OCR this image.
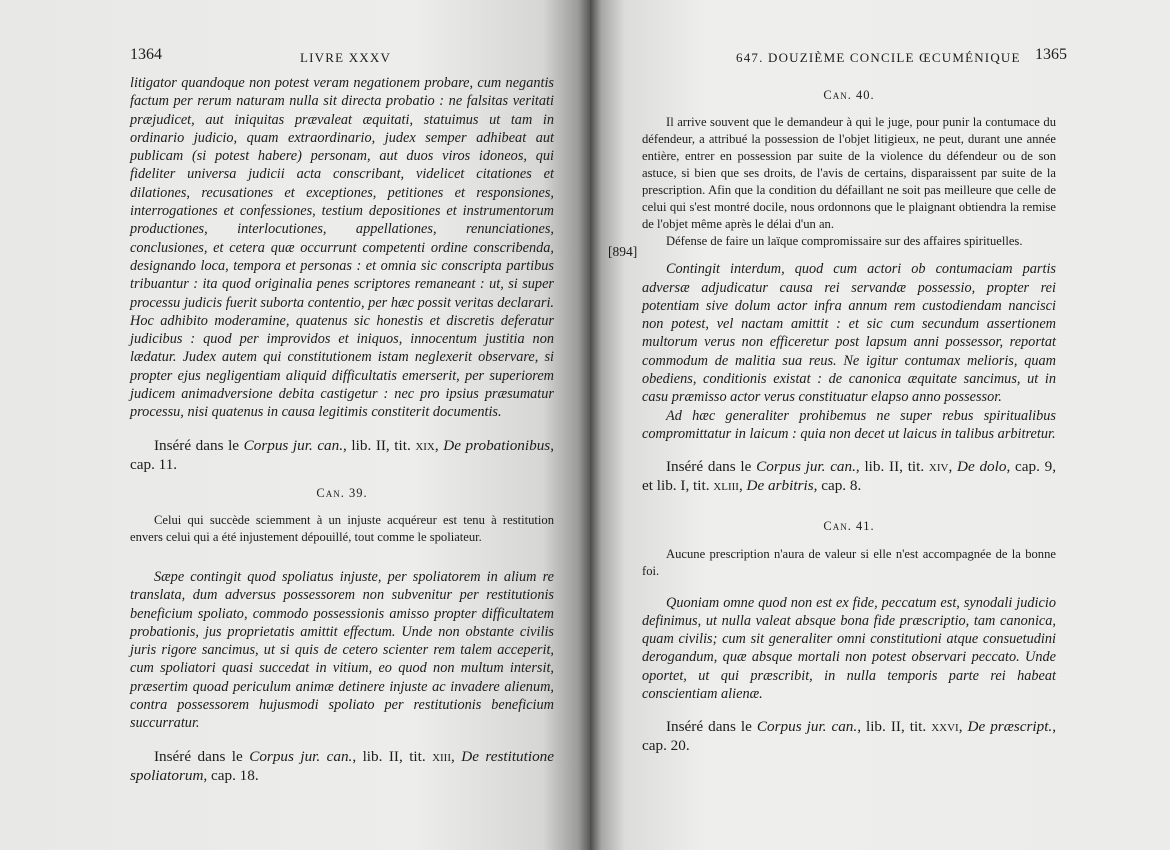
1364	LIVRE XXXV

litigator quandoque non potest veram negationem probare, cum negantis factum per rerum naturam nulla sit directa probatio : ne falsitas veritati præjudicet, aut iniquitas prævaleat æquitati, statuimus ut tam in ordinario judicio, quam extraordinario, judex semper adhibeat aut publicam (si potest habere) personam, aut duos viros idoneos, qui fideliter universa judicii acta conscribant, videlicet citationes et dilationes, recusationes et exceptiones, petitiones et responsiones, interrogationes et confessiones, testium depositiones et instrumentorum productiones, interlocutiones, appellationes, renunciationes, conclusiones, et cetera quæ occurrunt competenti ordine conscribenda, designando loca, tempora et personas : et omnia sic conscripta partibus tribuantur : ita quod originalia penes scriptores remaneant : ut, si super processu judicis fuerit suborta contentio, per hæc possit veritas declarari. Hoc adhibito moderamine, quatenus sic honestis et discretis deferatur judicibus : quod per improvidos et iniquos, innocentum justitia non lædatur. Judex autem qui constitutionem istam neglexerit observare, si propter ejus negligentiam aliquid difficultatis emerserit, per superiorem judicem animadversione debita castigetur : nec pro ipsius præsumatur processu, nisi quatenus in causa legitimis constiterit documentis.

Inséré dans le Corpus jur. can., lib. II, tit. xix, De probationibus, cap. 11.

Can. 39.

Celui qui succède sciemment à un injuste acquéreur est tenu à restitution envers celui qui a été injustement dépouillé, tout comme le spoliateur.

Sæpe contingit quod spoliatus injuste, per spoliatorem in alium re translata, dum adversus possessorem non subvenitur per restitutionis beneficium spoliato, commodo possessionis amisso propter difficultatem probationis, jus proprietatis amittit effectum. Unde non obstante civilis juris rigore sancimus, ut si quis de cetero scienter rem talem acceperit, cum spoliatori quasi succedat in vitium, eo quod non multum intersit, præsertim quoad periculum animæ detinere injuste ac invadere alienum, contra possessorem hujusmodi spoliato per restitutionis beneficium succurratur.

Inséré dans le Corpus jur. can., lib. II, tit. xiii, De restitutione spoliatorum, cap. 18.

647. DOUZIÈME CONCILE ŒCUMÉNIQUE 1365
[894]

Can. 40.

Il arrive souvent que le demandeur à qui le juge, pour punir la contumace du défendeur, a attribué la possession de l'objet litigieux, ne peut, durant une année entière, entrer en possession par suite de la violence du défendeur ou de son astuce, si bien que ses droits, de l'avis de certains, disparaissent par suite de la prescription. Afin que la condition du défaillant ne soit pas meilleure que celle de celui qui s'est montré docile, nous ordonnons que le plaignant obtiendra la remise de l'objet même après le délai d'un an.

Défense de faire un laïque compromissaire sur des affaires spirituelles.

Contingit interdum, quod cum actori ob contumaciam partis adversæ adjudicatur causa rei servandæ possessio, propter rei potentiam sive dolum actor infra annum rem custodiendam nancisci non potest, vel nactam amittit : et sic cum secundum assertionem multorum verus non efficeretur post lapsum anni possessor, reportat commodum de malitia sua reus. Ne igitur contumax melioris, quam obediens, conditionis existat : de canonica æquitate sancimus, ut in casu præmisso actor verus constituatur elapso anno possessor.

Ad hæc generaliter prohibemus ne super rebus spiritualibus compromittatur in laicum : quia non decet ut laicus in talibus arbitretur.

Inséré dans le Corpus jur. can., lib. II, tit. xiv, De dolo, cap. 9, et lib. I, tit. xliii, De arbitris, cap. 8.

Can. 41.

Aucune prescription n'aura de valeur si elle n'est accompagnée de la bonne foi.

Quoniam omne quod non est ex fide, peccatum est, synodali judicio definimus, ut nulla valeat absque bona fide præscriptio, tam canonica, quam civilis; cum sit generaliter omni constitutioni atque consuetudini derogandum, quæ absque mortali non potest observari peccato. Unde oportet, ut qui præscribit, in nulla temporis parte rei habeat conscientiam alienæ.

Inséré dans le Corpus jur. can., lib. II, tit. xxvi, De præscript., cap. 20.
